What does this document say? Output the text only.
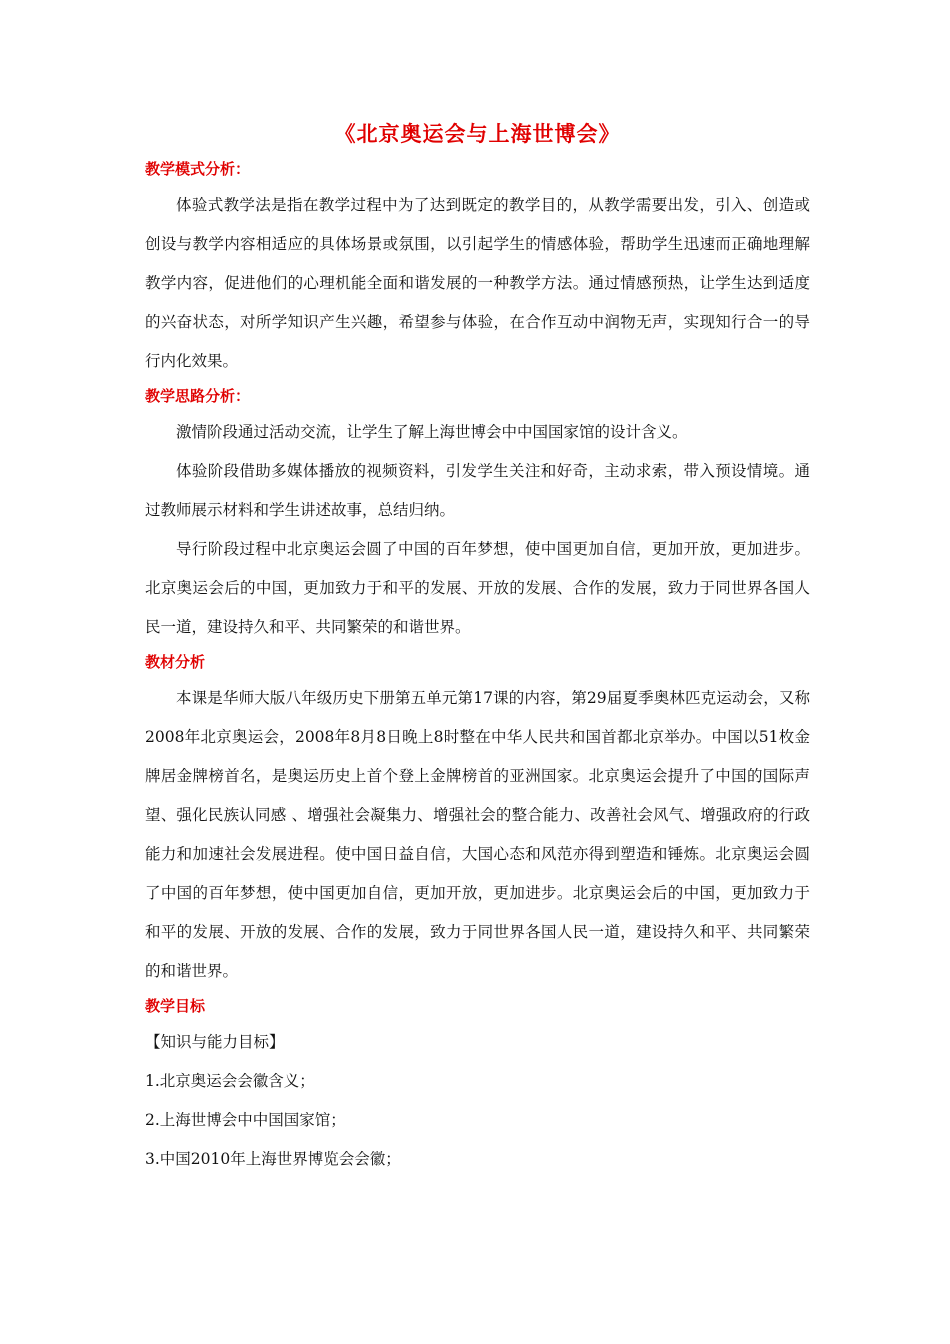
《北京奥运会与上海世博会》
教学模式分析：

体验式教学法是指在教学过程中为了达到既定的教学目的，从教学需要出发，引入、创造或创设与教学内容相适应的具体场景或氛围，以引起学生的情感体验，帮助学生迅速而正确地理解教学内容，促进他们的心理机能全面和谐发展的一种教学方法。通过情感预热，让学生达到适度的兴奋状态，对所学知识产生兴趣，希望参与体验，在合作互动中润物无声，实现知行合一的导行内化效果。

教学思路分析：

激情阶段通过活动交流，让学生了解上海世博会中中国国家馆的设计含义。

体验阶段借助多媒体播放的视频资料，引发学生关注和好奇，主动求索，带入预设情境。通过教师展示材料和学生讲述故事，总结归纳。

导行阶段过程中北京奥运会圆了中国的百年梦想，使中国更加自信，更加开放，更加进步。北京奥运会后的中国，更加致力于和平的发展、开放的发展、合作的发展，致力于同世界各国人民一道，建设持久和平、共同繁荣的和谐世界。

教材分析

本课是华师大版八年级历史下册第五单元第17课的内容，第29届夏季奥林匹克运动会，又称2008年北京奥运会，2008年8月8日晚上8时整在中华人民共和国首都北京举办。中国以51枚金牌居金牌榜首名，是奥运历史上首个登上金牌榜首的亚洲国家。北京奥运会提升了中国的国际声望、强化民族认同感 、增强社会凝集力、增强社会的整合能力、改善社会风气、增强政府的行政能力和加速社会发展进程。使中国日益自信，大国心态和风范亦得到塑造和锤炼。北京奥运会圆了中国的百年梦想，使中国更加自信，更加开放，更加进步。北京奥运会后的中国，更加致力于和平的发展、开放的发展、合作的发展，致力于同世界各国人民一道，建设持久和平、共同繁荣的和谐世界。

教学目标

【知识与能力目标】

1.北京奥运会会徽含义；

2.上海世博会中中国国家馆；

3.中国2010年上海世界博览会会徽；
